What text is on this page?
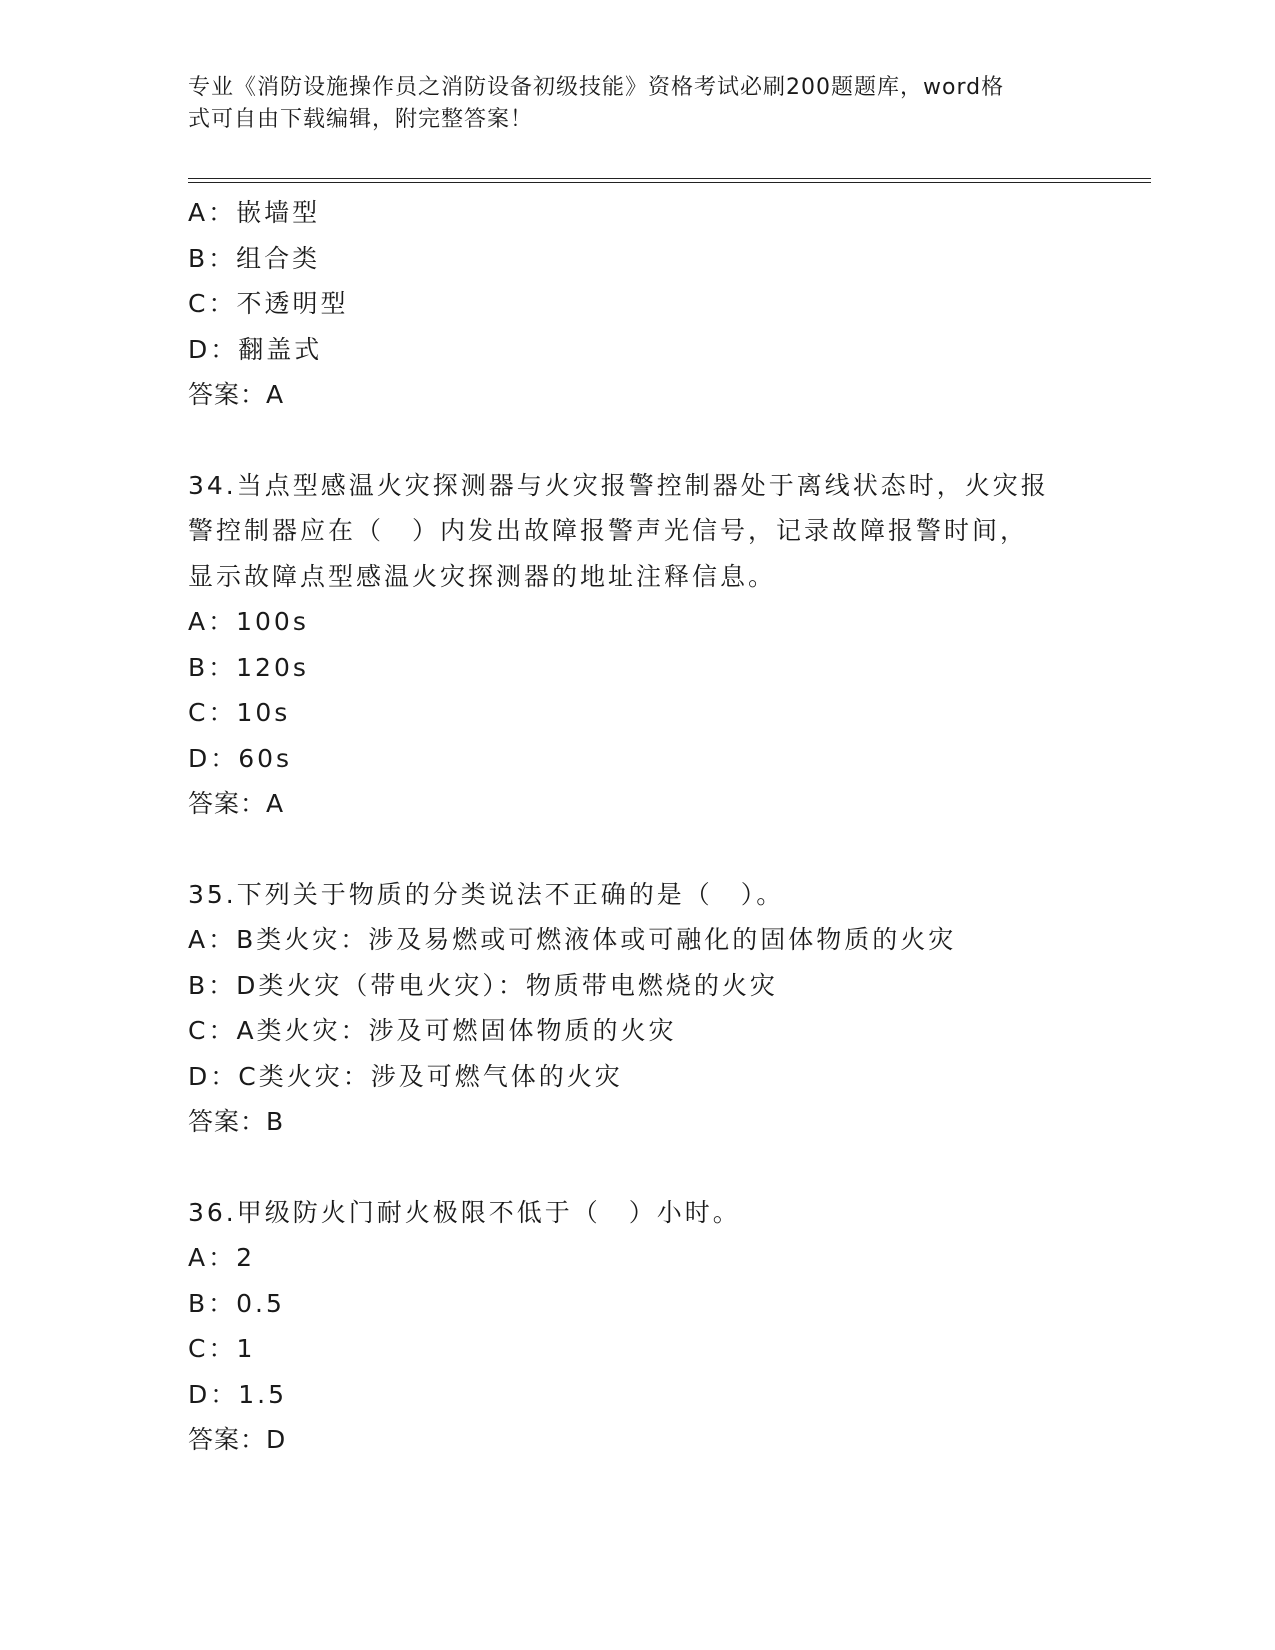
专业《消防设施操作员之消防设备初级技能》资格考试必刷200题题库，word格
式可自由下载编辑，附完整答案！
A：嵌墙型
B：组合类
C：不透明型
D：翻盖式
答案：A
34.当点型感温火灾探测器与火灾报警控制器处于离线状态时，火灾报
警控制器应在（　）内发出故障报警声光信号，记录故障报警时间，
显示故障点型感温火灾探测器的地址注释信息。
A：100s
B：120s
C：10s
D：60s
答案：A
35.下列关于物质的分类说法不正确的是（　）。
A：B类火灾：涉及易燃或可燃液体或可融化的固体物质的火灾
B：D类火灾（带电火灾）：物质带电燃烧的火灾
C：A类火灾：涉及可燃固体物质的火灾
D：C类火灾：涉及可燃气体的火灾
答案：B
36.甲级防火门耐火极限不低于（　）小时。
A：2
B：0.5
C：1
D：1.5
答案：D
